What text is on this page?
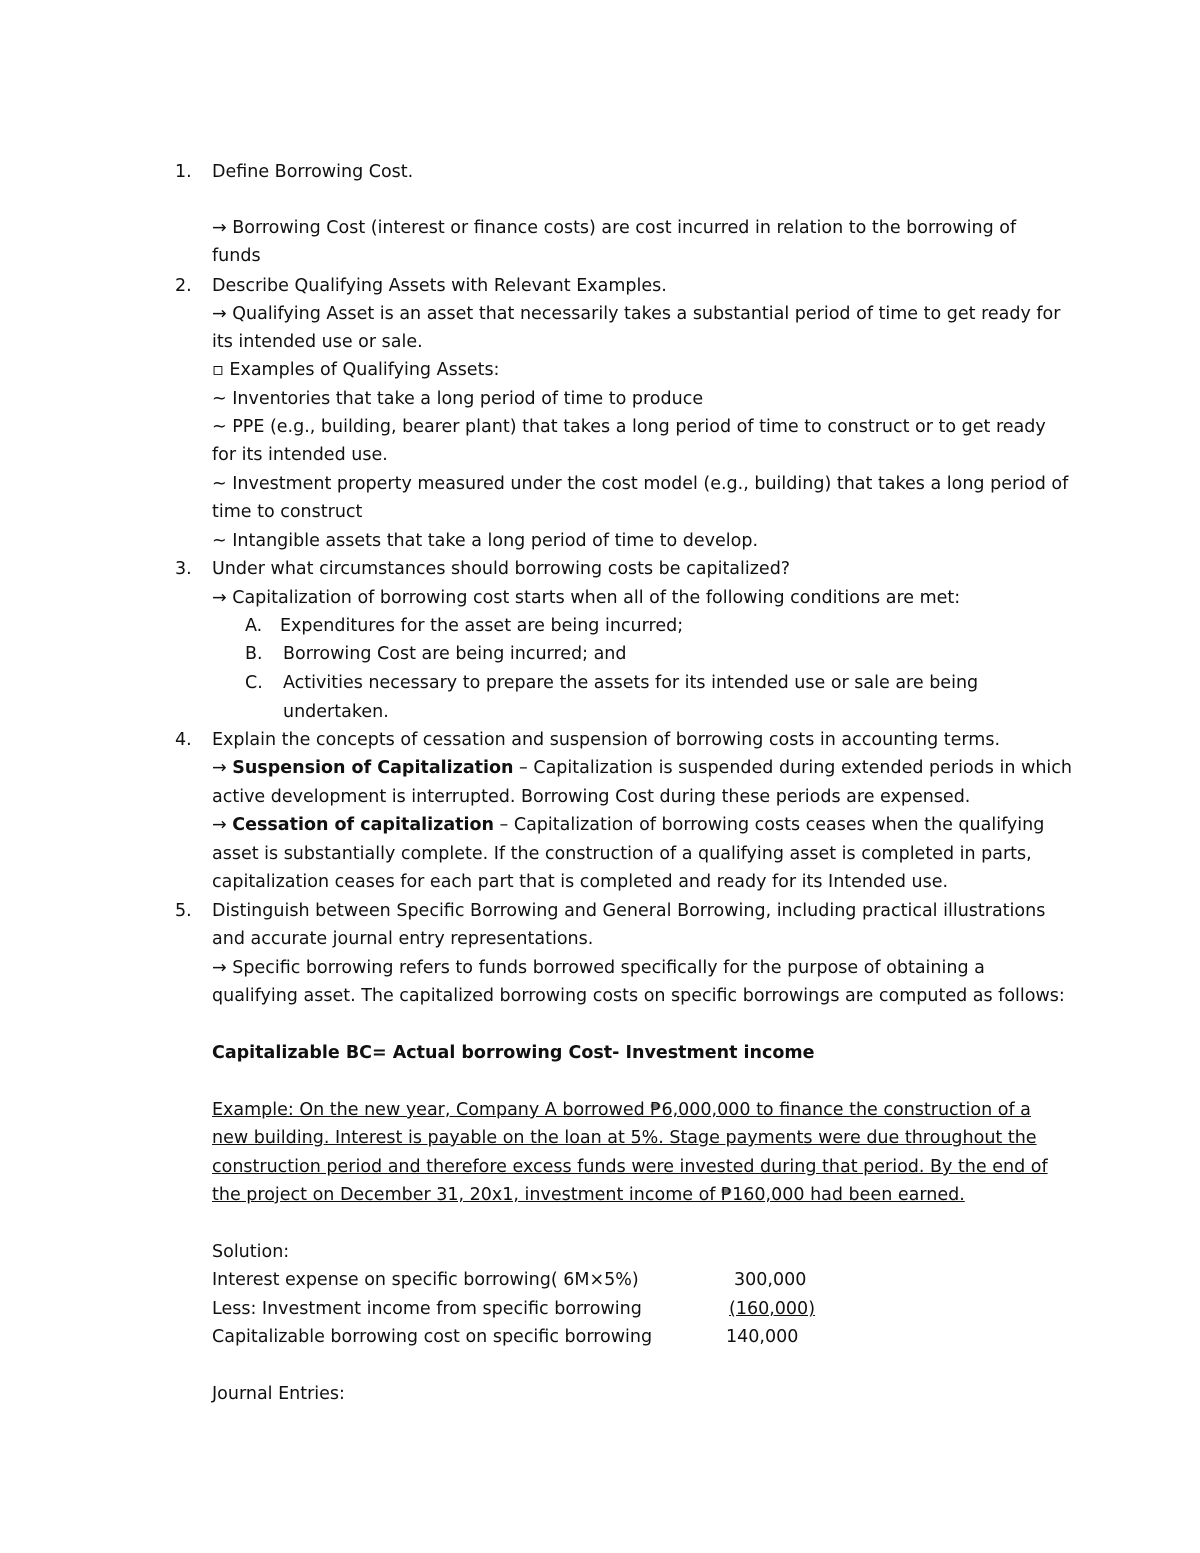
1. Define Borrowing Cost.
→ Borrowing Cost (interest or finance costs) are cost incurred in relation to the borrowing of
funds
2. Describe Qualifying Assets with Relevant Examples.
→ Qualifying Asset is an asset that necessarily takes a substantial period of time to get ready for
its intended use or sale.
▫ Examples of Qualifying Assets:
~ Inventories that take a long period of time to produce
~ PPE (e.g., building, bearer plant) that takes a long period of time to construct or to get ready
for its intended use.
~ Investment property measured under the cost model (e.g., building) that takes a long period of
time to construct
~ Intangible assets that take a long period of time to develop.
3. Under what circumstances should borrowing costs be capitalized?
→ Capitalization of borrowing cost starts when all of the following conditions are met:
A. Expenditures for the asset are being incurred;
B. Borrowing Cost are being incurred; and
C. Activities necessary to prepare the assets for its intended use or sale are being
undertaken.
4. Explain the concepts of cessation and suspension of borrowing costs in accounting terms.
→ Suspension of Capitalization – Capitalization is suspended during extended periods in which
active development is interrupted. Borrowing Cost during these periods are expensed.
→ Cessation of capitalization – Capitalization of borrowing costs ceases when the qualifying
asset is substantially complete. If the construction of a qualifying asset is completed in parts,
capitalization ceases for each part that is completed and ready for its Intended use.
5. Distinguish between Specific Borrowing and General Borrowing, including practical illustrations
and accurate journal entry representations.
→ Specific borrowing refers to funds borrowed specifically for the purpose of obtaining a
qualifying asset. The capitalized borrowing costs on specific borrowings are computed as follows:
Capitalizable BC= Actual borrowing Cost- Investment income
Example: On the new year, Company A borrowed ₱6,000,000 to finance the construction of a
new building. Interest is payable on the loan at 5%. Stage payments were due throughout the
construction period and therefore excess funds were invested during that period. By the end of
the project on December 31, 20x1, investment income of ₱160,000 had been earned.
Solution:
Interest expense on specific borrowing( 6M×5%)	300,000
Less: Investment income from specific borrowing	(160,000)
Capitalizable borrowing cost on specific borrowing	140,000
Journal Entries:
